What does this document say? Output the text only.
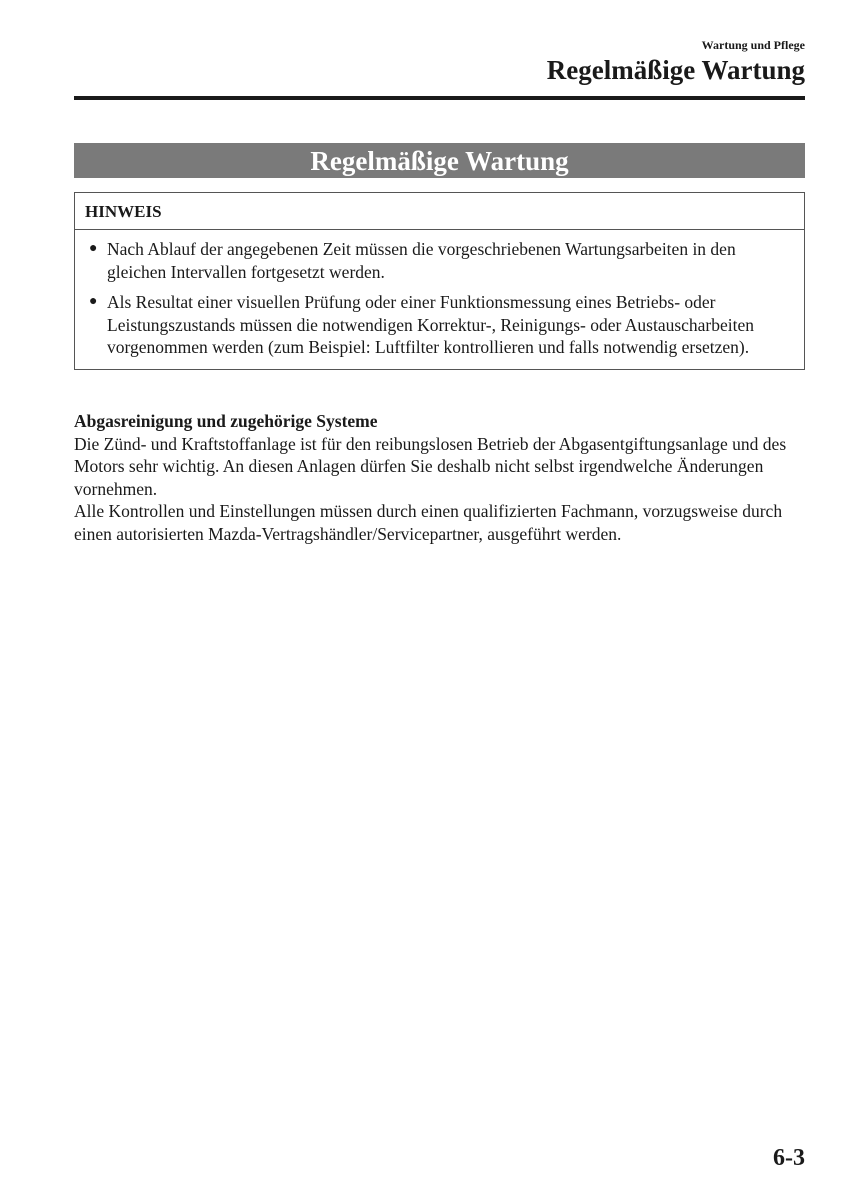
Wartung und Pflege
Regelmäßige Wartung
Regelmäßige Wartung
HINWEIS
● Nach Ablauf der angegebenen Zeit müssen die vorgeschriebenen Wartungsarbeiten in den gleichen Intervallen fortgesetzt werden.
● Als Resultat einer visuellen Prüfung oder einer Funktionsmessung eines Betriebs- oder Leistungszustands müssen die notwendigen Korrektur-, Reinigungs- oder Austauscharbeiten vorgenommen werden (zum Beispiel: Luftfilter kontrollieren und falls notwendig ersetzen).
Abgasreinigung und zugehörige Systeme

Die Zünd- und Kraftstoffanlage ist für den reibungslosen Betrieb der Abgasentgiftungsanlage und des Motors sehr wichtig. An diesen Anlagen dürfen Sie deshalb nicht selbst irgendwelche Änderungen vornehmen.

Alle Kontrollen und Einstellungen müssen durch einen qualifizierten Fachmann, vorzugsweise durch einen autorisierten Mazda-Vertragshändler/Servicepartner, ausgeführt werden.

6-3
